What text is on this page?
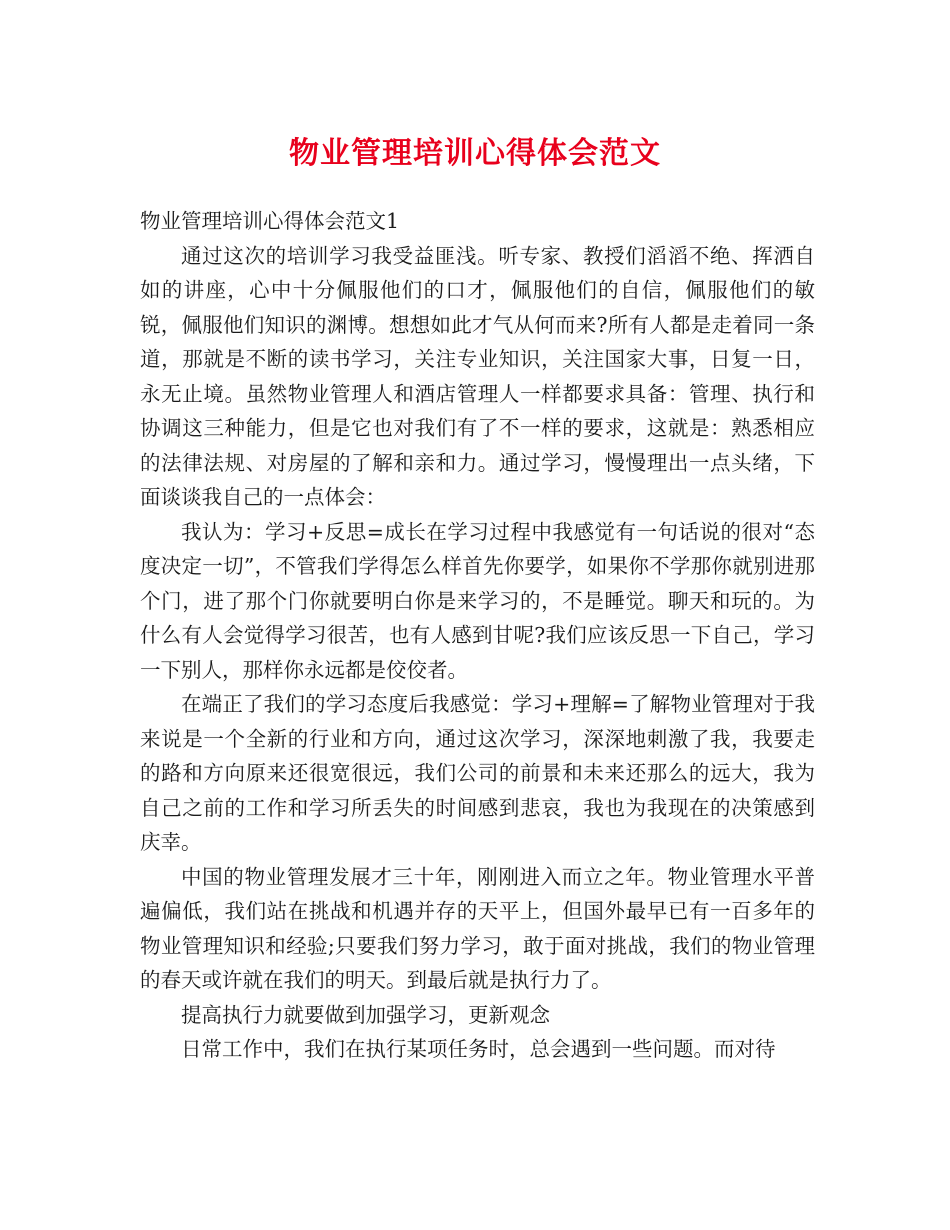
物业管理培训心得体会范文

物业管理培训心得体会范文1

通过这次的培训学习我受益匪浅。听专家、教授们滔滔不绝、挥洒自如的讲座，心中十分佩服他们的口才，佩服他们的自信，佩服他们的敏锐，佩服他们知识的渊博。想想如此才气从何而来?所有人都是走着同一条道，那就是不断的读书学习，关注专业知识，关注国家大事，日复一日，永无止境。虽然物业管理人和酒店管理人一样都要求具备：管理、执行和协调这三种能力，但是它也对我们有了不一样的要求，这就是：熟悉相应的法律法规、对房屋的了解和亲和力。通过学习，慢慢理出一点头绪，下面谈谈我自己的一点体会：

我认为：学习+反思=成长在学习过程中我感觉有一句话说的很对“态度决定一切”，不管我们学得怎么样首先你要学，如果你不学那你就别进那个门，进了那个门你就要明白你是来学习的，不是睡觉。聊天和玩的。为什么有人会觉得学习很苦，也有人感到甘呢?我们应该反思一下自己，学习一下别人，那样你永远都是佼佼者。

在端正了我们的学习态度后我感觉：学习+理解=了解物业管理对于我来说是一个全新的行业和方向，通过这次学习，深深地刺激了我，我要走的路和方向原来还很宽很远，我们公司的前景和未来还那么的远大，我为自己之前的工作和学习所丢失的时间感到悲哀，我也为我现在的决策感到庆幸。

中国的物业管理发展才三十年，刚刚进入而立之年。物业管理水平普遍偏低，我们站在挑战和机遇并存的天平上，但国外最早已有一百多年的物业管理知识和经验;只要我们努力学习，敢于面对挑战，我们的物业管理的春天或许就在我们的明天。到最后就是执行力了。

提高执行力就要做到加强学习，更新观念

日常工作中，我们在执行某项任务时，总会遇到一些问题。而对待
